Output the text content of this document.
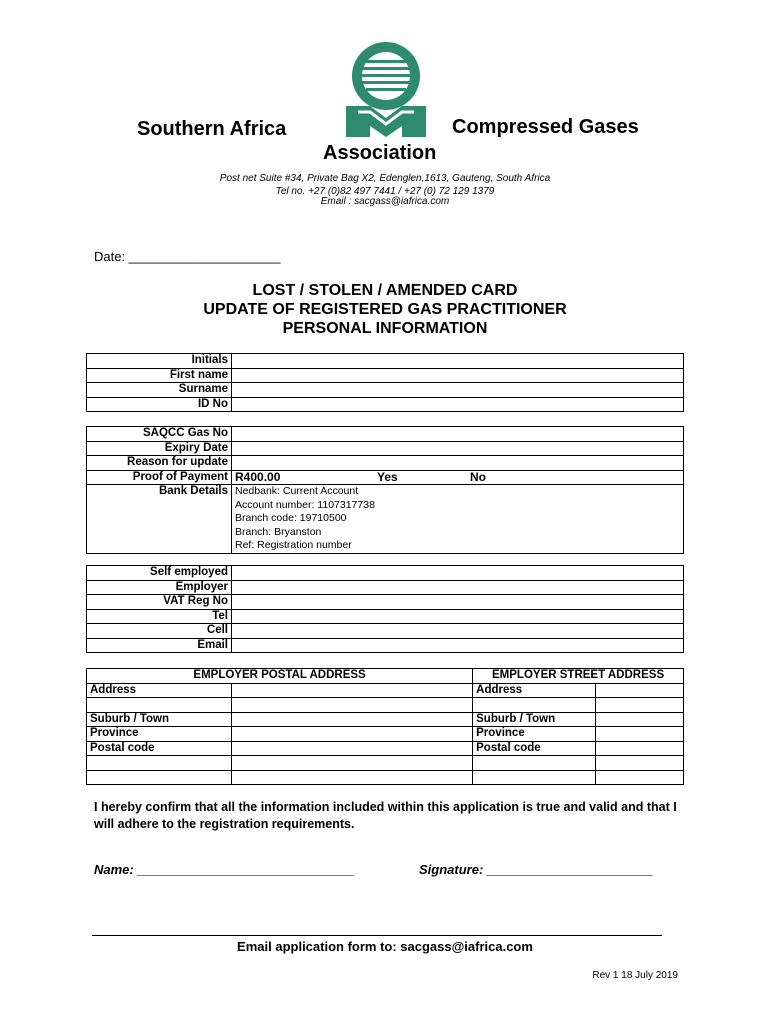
Southern Africa	Compressed Gases
Association
Post net Suite #34, Private Bag X2, Edenglen,1613, Gauteng, South Africa
Tel no. +27 (0)82 497 7441 / +27 (0) 72 129 1379
Email : sacgass@iafrica.com
Date: _____________________
LOST / STOLEN / AMENDED CARD
UPDATE OF REGISTERED GAS PRACTITIONER
PERSONAL INFORMATION
Initials	
First name	
Surname	
ID No	
SAQCC Gas No	
Expiry Date	
Reason for update	
Proof of Payment	R400.00 Yes No

Bank Details	Nedbank: Current Account
Account number: 1107317738
Branch code: 19710500
Branch: Bryanston
Ref: Registration number
Self employed	
Employer	
VAT Reg No	
Tel	
Cell	
Email	
EMPLOYER POSTAL ADDRESS		EMPLOYER STREET ADDRESS	
Address		Address	

Suburb / Town		Suburb / Town	
Province		Province	
Postal code		Postal code	

I hereby confirm that all the information included within this application is true and valid and that I will adhere to the registration requirements.
Name: ______________________________	Signature: _______________________
Email application form to: sacgass@iafrica.com
Rev 1 18 July 2019
